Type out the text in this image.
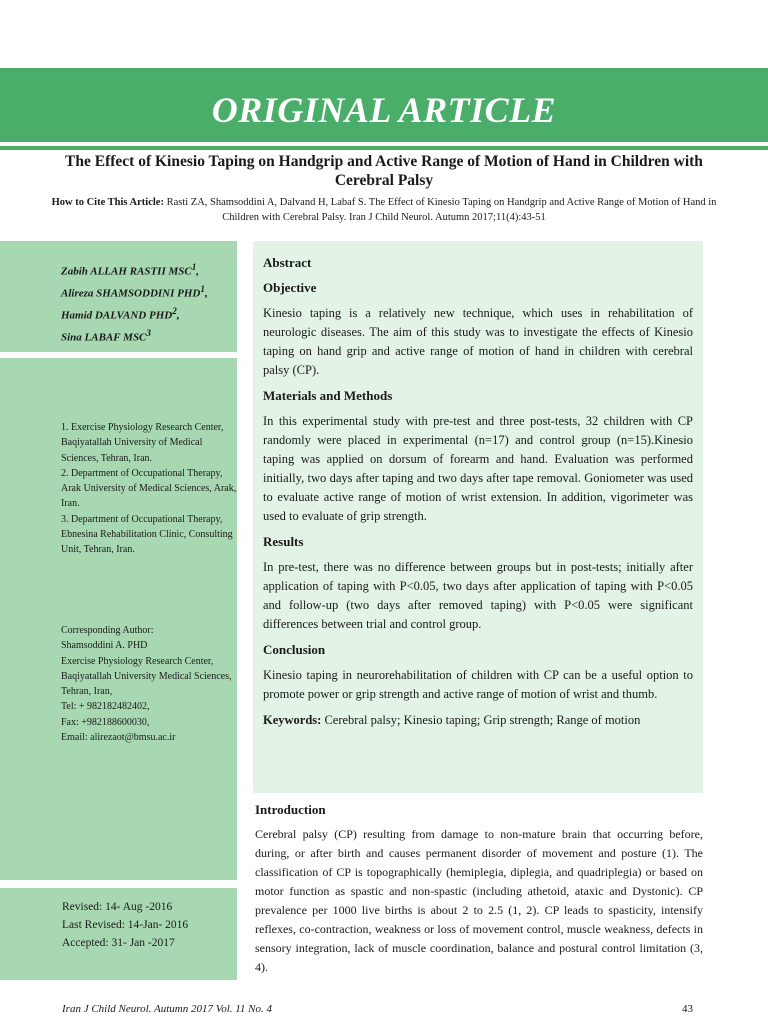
ORIGINAL ARTICLE
The Effect of Kinesio Taping on Handgrip and Active Range of Motion of Hand in Children with Cerebral Palsy
How to Cite This Article: Rasti ZA, Shamsoddini A, Dalvand H, Labaf S. The Effect of Kinesio Taping on Handgrip and Active Range of Motion of Hand in Children with Cerebral Palsy. Iran J Child Neurol. Autumn 2017;11(4):43-51
Zabih ALLAH RASTII MSC$^1$,
Alireza SHAMSODDINI PHD$^1$,
Hamid DALVAND PHD$^2$,
Sina LABAF MSC$^3$
1. Exercise Physiology Research Center, Baqiyatallah University of Medical Sciences, Tehran, Iran.
2. Department of Occupational Therapy, Arak University of Medical Sciences, Arak, Iran.
3. Department of Occupational Therapy, Ebnesina Rehabilitation Clinic, Consulting Unit, Tehran, Iran.
Corresponding Author:
Shamsoddini A. PHD
Exercise Physiology Research Center, Baqiyatallah University Medical Sciences, Tehran, Iran,
Tel: + 982182482402,
Fax: +982188600030,
Email: alirezaot@bmsu.ac.ir
Revised: 14- Aug -2016
Last Revised: 14-Jan- 2016
Accepted: 31- Jan -2017
Abstract
Objective

Kinesio taping is a relatively new technique, which uses in rehabilitation of neurologic diseases. The aim of this study was to investigate the effects of Kinesio taping on hand grip and active range of motion of hand in children with cerebral palsy (CP).

Materials and Methods

In this experimental study with pre-test and three post-tests, 32 children with CP randomly were placed in experimental (n=17) and control group (n=15).Kinesio taping was applied on dorsum of forearm and hand. Evaluation was performed initially, two days after taping and two days after tape removal. Goniometer was used to evaluate active range of motion of wrist extension. In addition, vigorimeter was used to evaluate of grip strength.

Results

In pre-test, there was no difference between groups but in post-tests; initially after application of taping with P<0.05, two days after application of taping with P<0.05 and follow-up (two days after removed taping) with P<0.05 were significant differences between trial and control group.

Conclusion

Kinesio taping in neurorehabilitation of children with CP can be a useful option to promote power or grip strength and active range of motion of wrist and thumb.

Keywords: Cerebral palsy; Kinesio taping; Grip strength; Range of motion

Introduction

Cerebral palsy (CP) resulting from damage to non-mature brain that occurring before, during, or after birth and causes permanent disorder of movement and posture (1). The classification of CP is topographically (hemiplegia, diplegia, and quadriplegia) or based on motor function as spastic and non-spastic (including athetoid, ataxic and Dystonic). CP prevalence per 1000 live births is about 2 to 2.5 (1, 2). CP leads to spasticity, intensify reflexes, co-contraction, weakness or loss of movement control, muscle weakness, defects in sensory integration, lack of muscle coordination, balance and postural control limitation (3, 4).

Iran J Child Neurol. Autumn 2017 Vol. 11 No. 4	43
